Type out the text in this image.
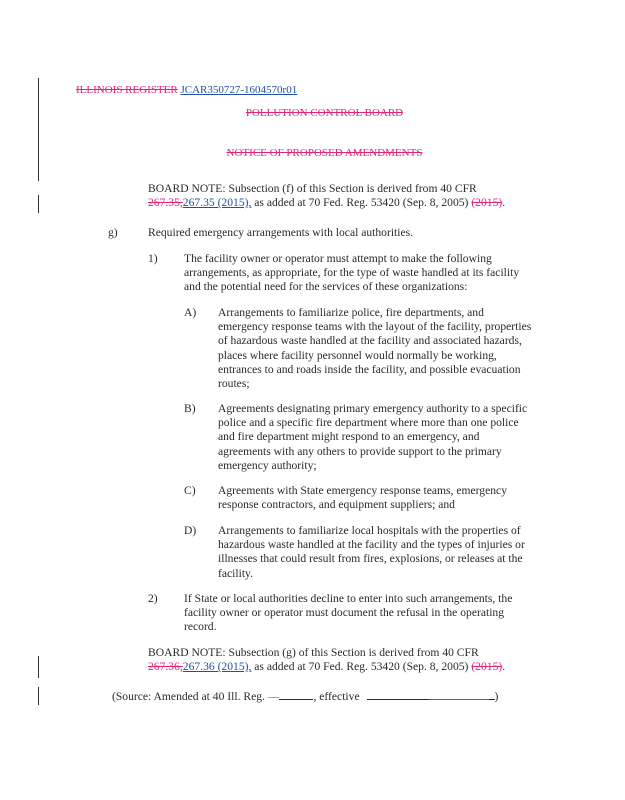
ILLINOIS REGISTER JCAR350727-1604570r01
POLLUTION CONTROL BOARD
NOTICE OF PROPOSED AMENDMENTS
BOARD NOTE: Subsection (f) of this Section is derived from 40 CFR
267.35,267.35 (2015), as added at 70 Fed. Reg. 53420 (Sep. 8, 2005) (2015).
g)	Required emergency arrangements with local authorities.
1) The facility owner or operator must attempt to make the following
arrangements, as appropriate, for the type of waste handled at its facility
and the potential need for the services of these organizations:
A) Arrangements to familiarize police, fire departments, and
emergency response teams with the layout of the facility, properties
of hazardous waste handled at the facility and associated hazards,
places where facility personnel would normally be working,
entrances to and roads inside the facility, and possible evacuation
routes;
B) Agreements designating primary emergency authority to a specific
police and a specific fire department where more than one police
and fire department might respond to an emergency, and
agreements with any others to provide support to the primary
emergency authority;
C) Agreements with State emergency response teams, emergency
response contractors, and equipment suppliers; and
D) Arrangements to familiarize local hospitals with the properties of
hazardous waste handled at the facility and the types of injuries or
illnesses that could result from fires, explosions, or releases at the
facility.
2) If State or local authorities decline to enter into such arrangements, the
facility owner or operator must document the refusal in the operating
record.
BOARD NOTE: Subsection (g) of this Section is derived from 40 CFR
267.36,267.36 (2015), as added at 70 Fed. Reg. 53420 (Sep. 8, 2005) (2015).
(Source: Amended at 40 Ill. Reg. —	, effective	)
